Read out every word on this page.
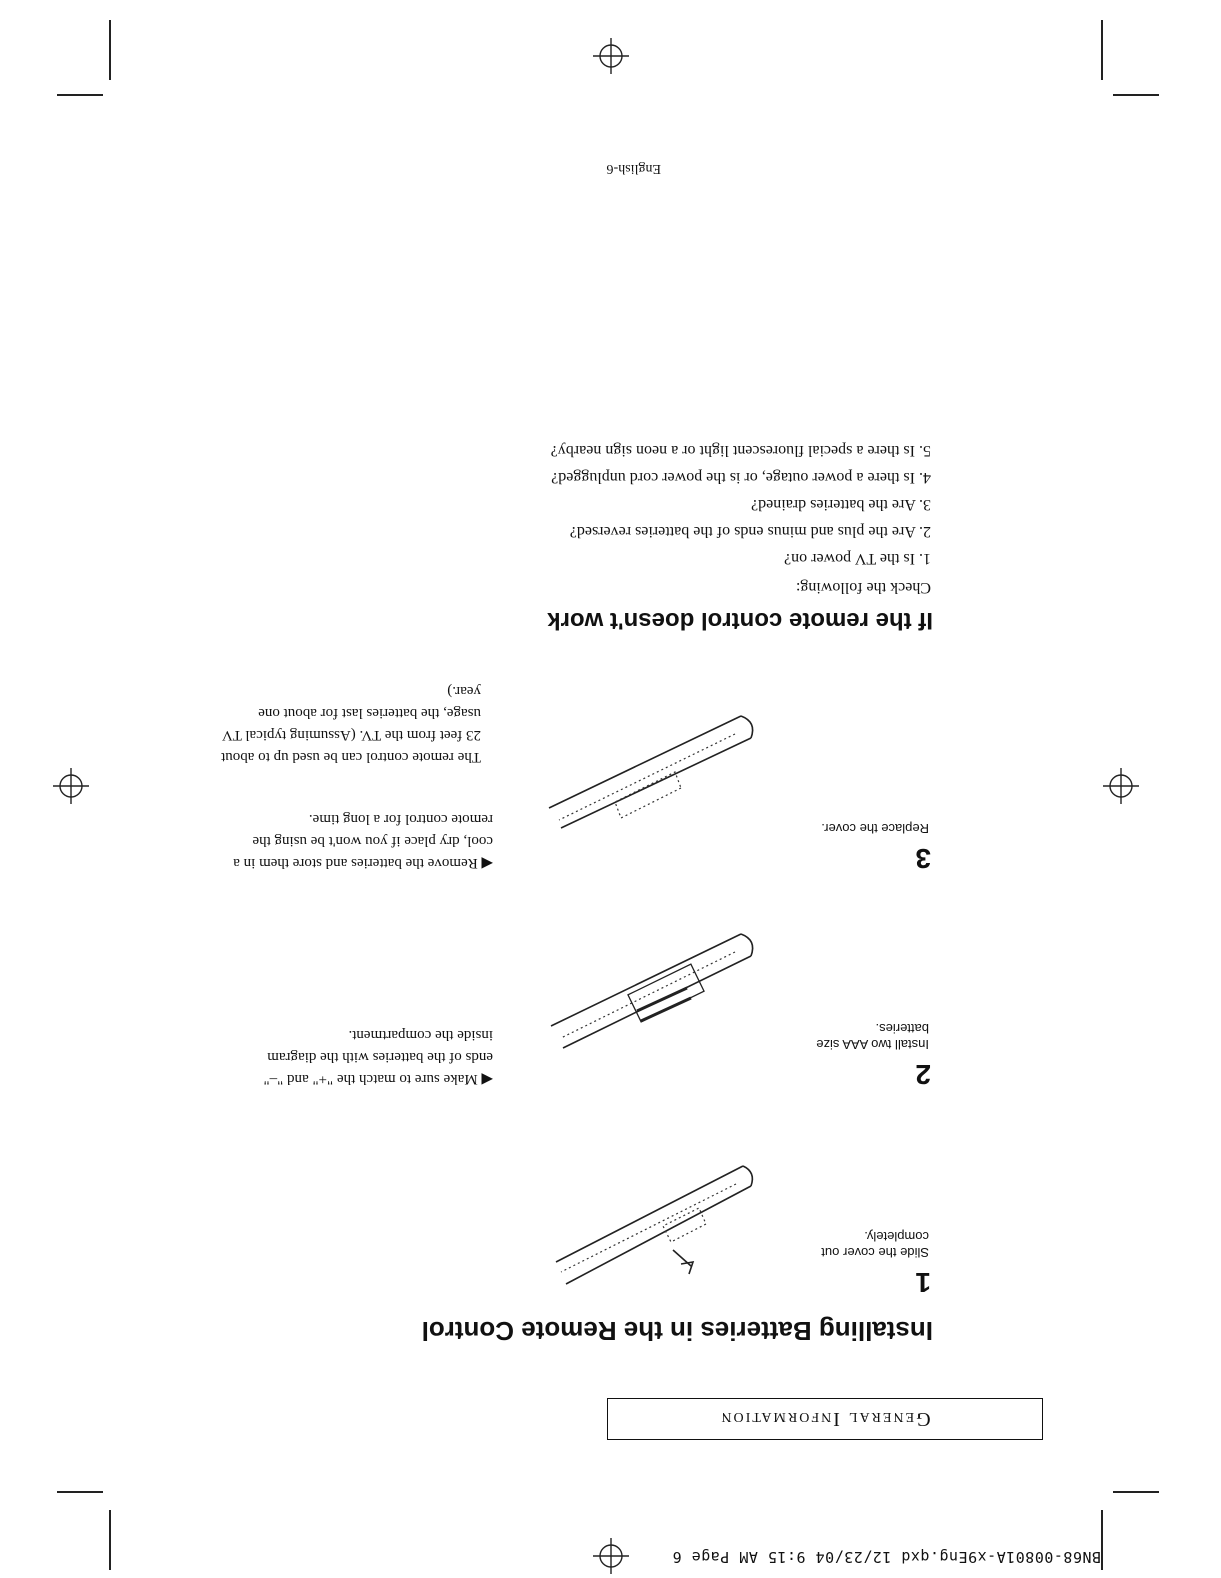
BN68-00801A-x9Eng.qxd 12/23/04 9:15 AM Page 6
General Information
Installing Batteries in the Remote Control
1
Slide the cover out completely.
2
Install two AAA size batteries.
◀ Make sure to match the "+" and "–" ends of the batteries with the diagram inside the compartment.
3
Replace the cover.
◀ Remove the batteries and store them in a cool, dry place if you won't be using the remote control for a long time.
The remote control can be used up to about 23 feet from the TV. (Assuming typical TV usage, the batteries last for about one year.)
If the remote control doesn't work
Check the following:
1. Is the TV power on?
2. Are the plus and minus ends of the batteries reversed?
3. Are the batteries drained?
4. Is there a power outage, or is the power cord unplugged?
5. Is there a special fluorescent light or a neon sign nearby?
English-6
